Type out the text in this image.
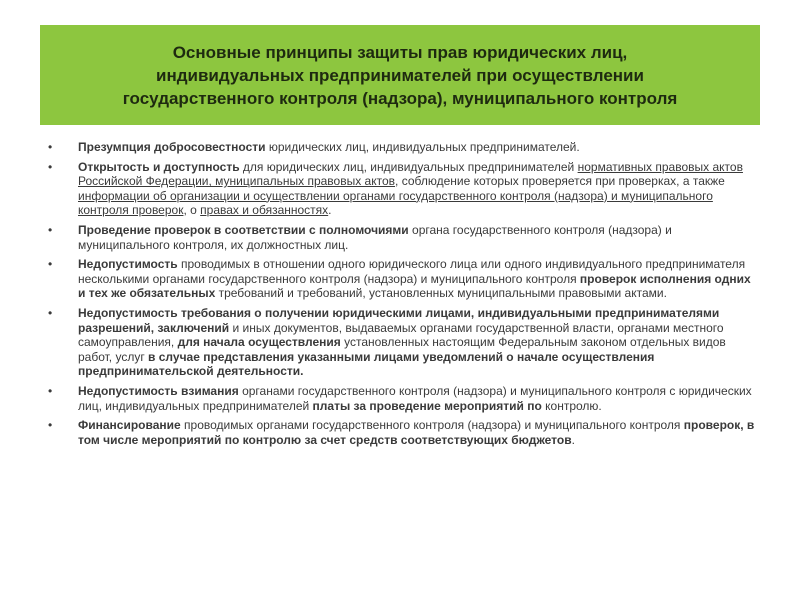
Основные принципы защиты прав юридических лиц,
индивидуальных предпринимателей при осуществлении
государственного контроля (надзора), муниципального контроля
• Презумпция добросовестности юридических лиц, индивидуальных предпринимателей.
• Открытость и доступность для юридических лиц, индивидуальных предпринимателей нормативных правовых актов Российской Федерации, муниципальных правовых актов, соблюдение которых проверяется при проверках, а также информации об организации и осуществлении органами государственного контроля (надзора) и муниципального контроля проверок, о правах и обязанностях.
• Проведение проверок в соответствии с полномочиями органа государственного контроля (надзора) и муниципального контроля, их должностных лиц.
• Недопустимость проводимых в отношении одного юридического лица или одного индивидуального предпринимателя несколькими органами государственного контроля (надзора) и муниципального контроля проверок исполнения одних и тех же обязательных требований и требований, установленных муниципальными правовыми актами.
• Недопустимость требования о получении юридическими лицами, индивидуальными предпринимателями разрешений, заключений и иных документов, выдаваемых органами государственной власти, органами местного самоуправления, для начала осуществления установленных настоящим Федеральным законом отдельных видов работ, услуг в случае представления указанными лицами уведомлений о начале осуществления предпринимательской деятельности.
• Недопустимость взимания органами государственного контроля (надзора) и муниципального контроля с юридических лиц, индивидуальных предпринимателей платы за проведение мероприятий по контролю.
• Финансирование проводимых органами государственного контроля (надзора) и муниципального контроля проверок, в том числе мероприятий по контролю за счет средств соответствующих бюджетов.
